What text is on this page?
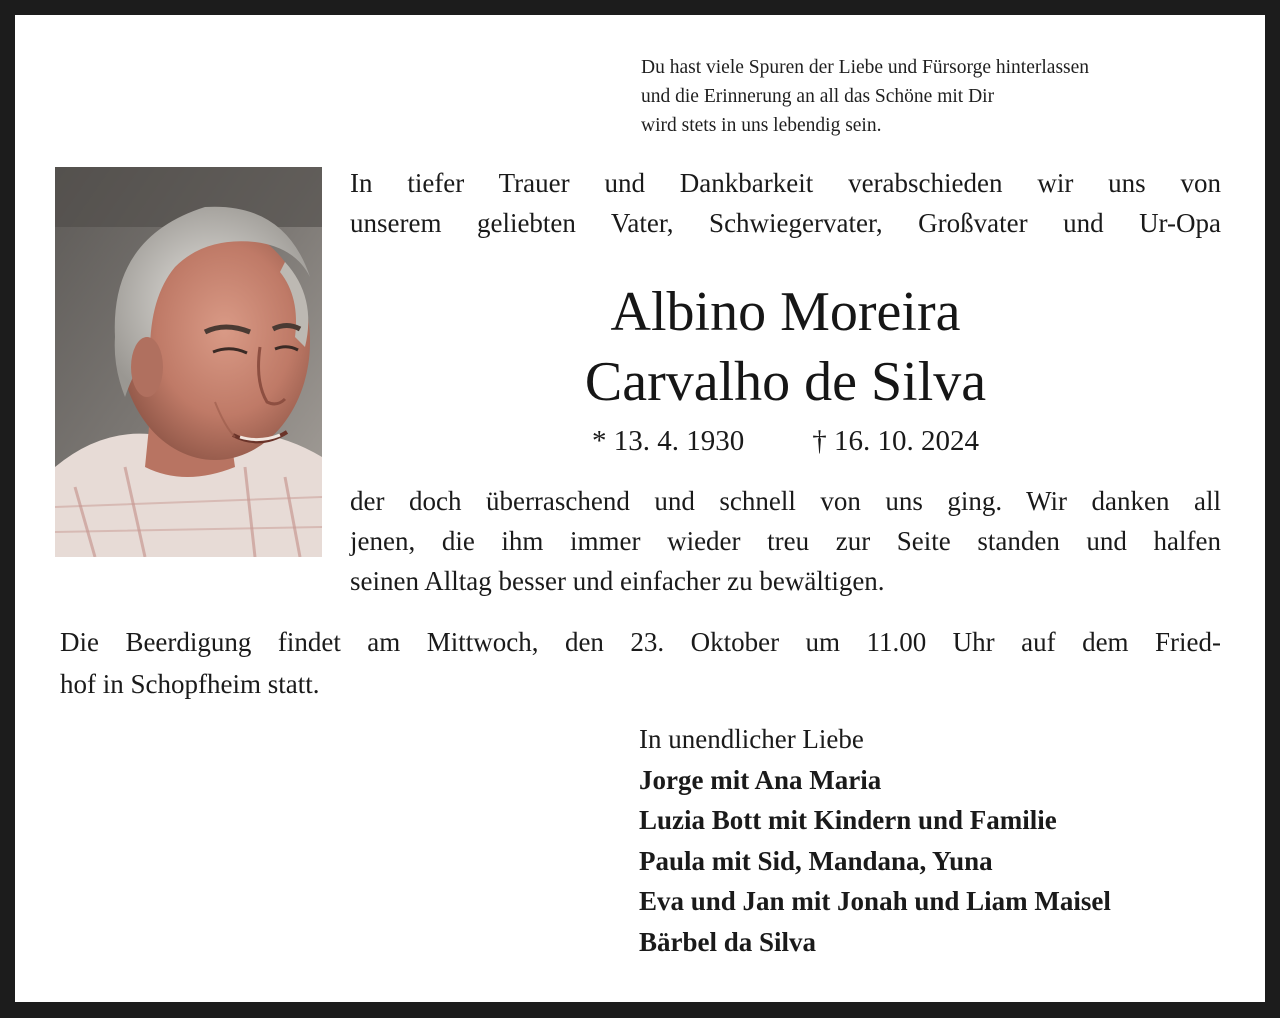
Du hast viele Spuren der Liebe und Fürsorge hinterlassen
und die Erinnerung an all das Schöne mit Dir
wird stets in uns lebendig sein.
In tiefer Trauer und Dankbarkeit verabschieden wir uns von
unserem geliebten Vater, Schwiegervater, Großvater und Ur-Opa
Albino Moreira
Carvalho de Silva
* 13. 4. 1930 † 16. 10. 2024
der doch überraschend und schnell von uns ging. Wir danken all
jenen, die ihm immer wieder treu zur Seite standen und halfen
seinen Alltag besser und einfacher zu bewältigen.
Die Beerdigung findet am Mittwoch, den 23. Oktober um 11.00 Uhr auf dem Fried-
hof in Schopfheim statt.
In unendlicher Liebe
Jorge mit Ana Maria
Luzia Bott mit Kindern und Familie
Paula mit Sid, Mandana, Yuna
Eva und Jan mit Jonah und Liam Maisel
Bärbel da Silva
